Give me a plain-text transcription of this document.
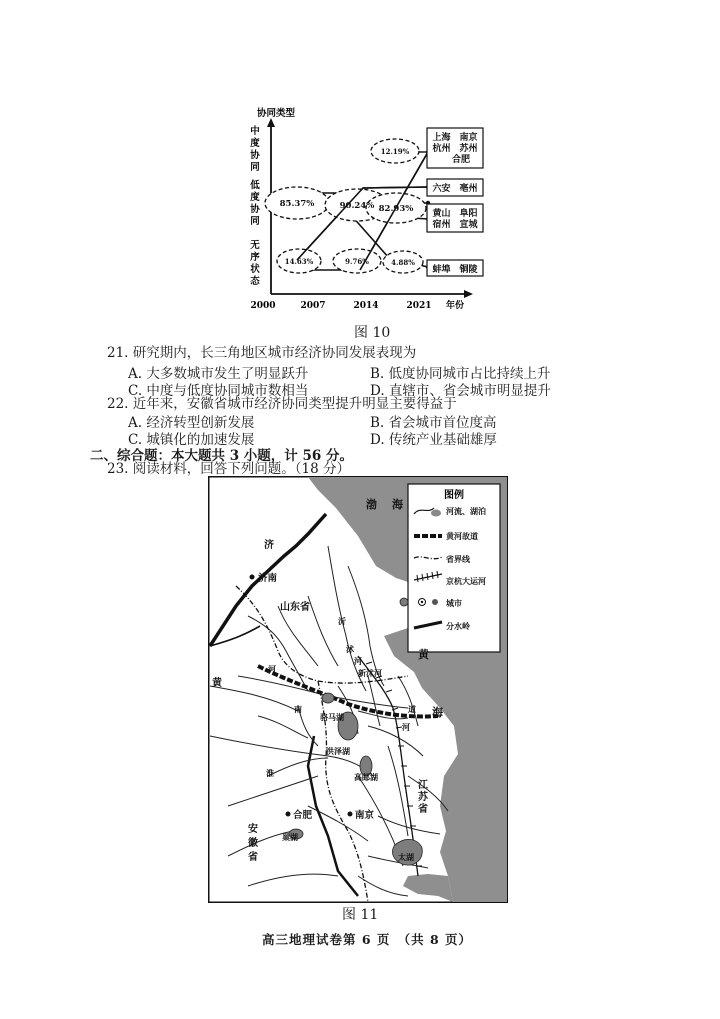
协同类型
中
度
协
同
低
度
协
同
无
序
状
态
2000	2007	2014	2021 年份
85.37%	90.24% 82.93%
12.19%
14.63%	9.76%	4.88%
上海　南京
杭州　苏州
合肥
六安　亳州
黄山　阜阳
宿州　宣城
蚌埠　铜陵
图 10
21. 研究期内，长三角地区城市经济协同发展表现为
A. 大多数城市发生了明显跃升	B. 低度协同城市占比持续上升
C. 中度与低度协同城市数相当	D. 直辖市、省会城市明显提升
22. 近年来，安徽省城市经济协同类型提升明显主要得益于
A. 经济转型创新发展	B. 省会城市首位度高
C. 城镇化的加速发展	D. 传统产业基础雄厚
二、综合题：本大题共 3 小题，计 56 分。
23. 阅读材料，回答下列问题。（18 分）
图例
河流、湖泊
黄河故道
省界线
京杭大运河
城市
分水岭
渤 海
黄
海
济南
南京
合肥
山东省
江
苏
省
安
徽
省
济
黄
沂
沭
河
新沭河
河
南
骆马湖
洪泽湖
高邮湖
淮
道
河
太湖
巢湖
图 11
高三地理试卷第 6 页　（共 8 页）
